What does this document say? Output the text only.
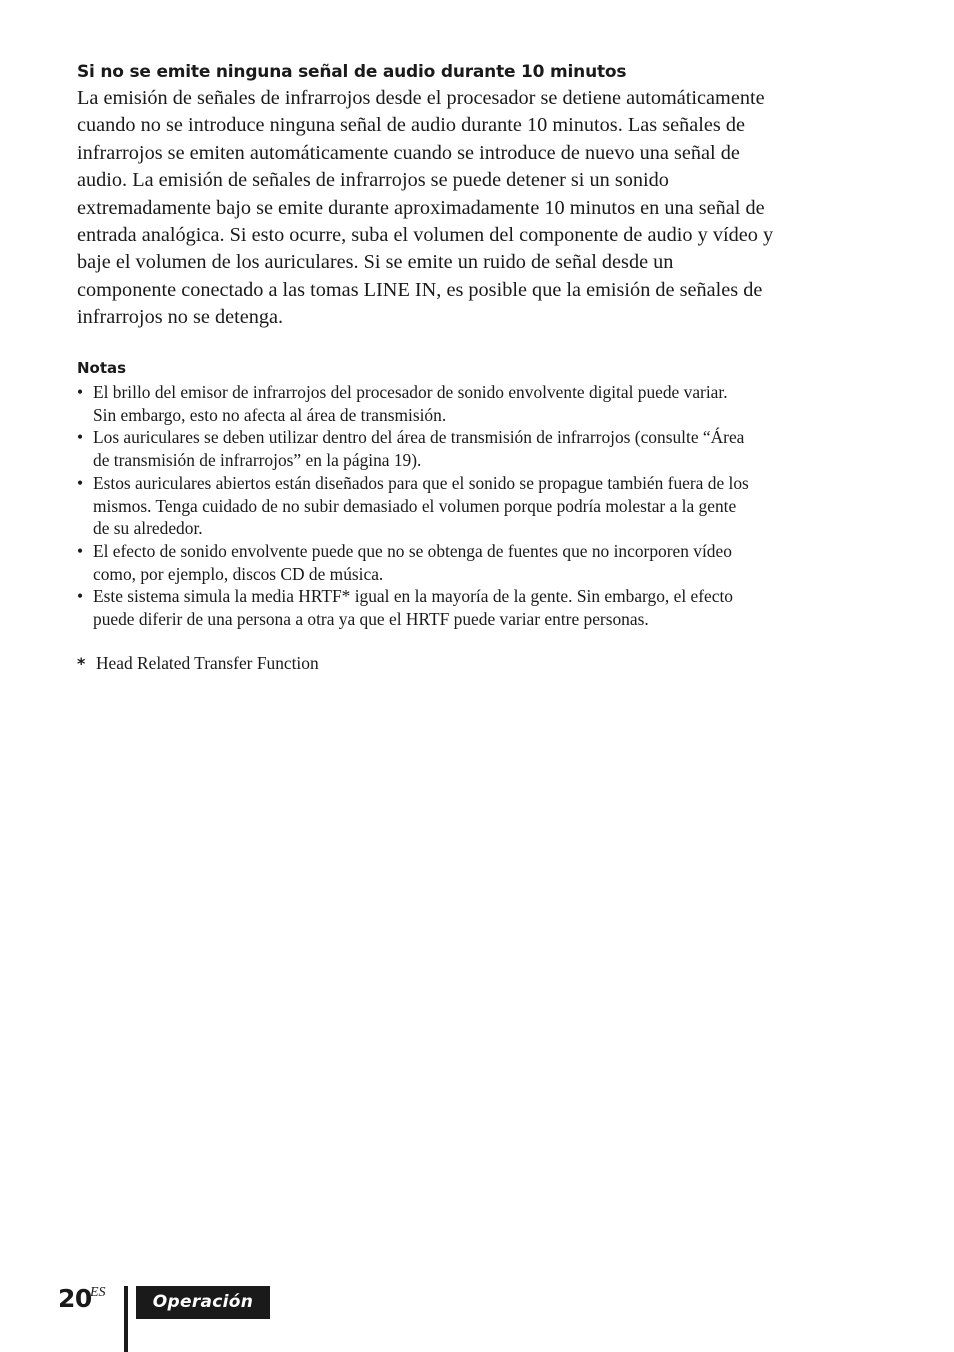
Si no se emite ninguna señal de audio durante 10 minutos
La emisión de señales de infrarrojos desde el procesador se detiene automáticamente
cuando no se introduce ninguna señal de audio durante 10 minutos. Las señales de
infrarrojos se emiten automáticamente cuando se introduce de nuevo una señal de
audio. La emisión de señales de infrarrojos se puede detener si un sonido
extremadamente bajo se emite durante aproximadamente 10 minutos en una señal de
entrada analógica. Si esto ocurre, suba el volumen del componente de audio y vídeo y
baje el volumen de los auriculares. Si se emite un ruido de señal desde un
componente conectado a las tomas LINE IN, es posible que la emisión de señales de
infrarrojos no se detenga.
Notas
• El brillo del emisor de infrarrojos del procesador de sonido envolvente digital puede variar.
Sin embargo, esto no afecta al área de transmisión.
• Los auriculares se deben utilizar dentro del área de transmisión de infrarrojos (consulte “Área
de transmisión de infrarrojos” en la página 19).
• Estos auriculares abiertos están diseñados para que el sonido se propague también fuera de los
mismos. Tenga cuidado de no subir demasiado el volumen porque podría molestar a la gente
de su alrededor.
• El efecto de sonido envolvente puede que no se obtenga de fuentes que no incorporen vídeo
como, por ejemplo, discos CD de música.
• Este sistema simula la media HRTF* igual en la mayoría de la gente. Sin embargo, el efecto
puede diferir de una persona a otra ya que el HRTF puede variar entre personas.
* Head Related Transfer Function
20
ES	Operación
